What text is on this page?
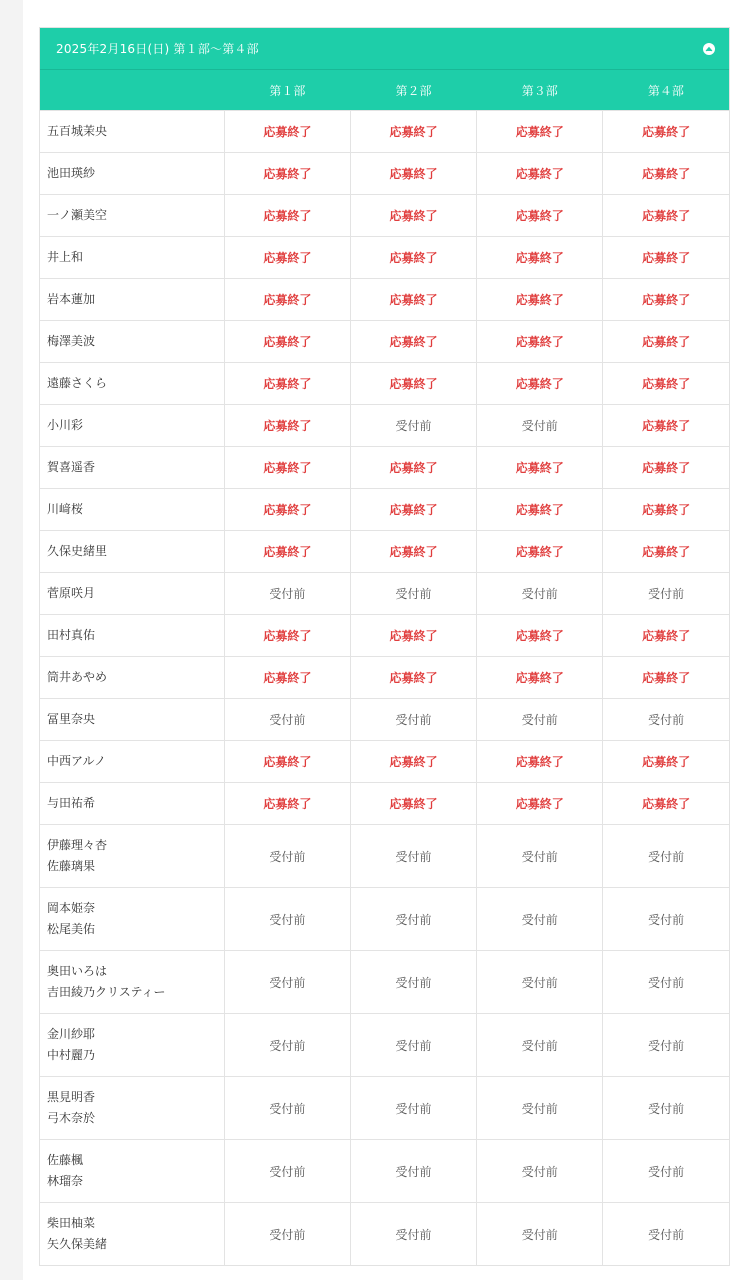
2025年2月16日(日) 第１部～第４部
	第１部	第２部	第３部	第４部

五百城茉央	応募終了	応募終了	応募終了	応募終了

池田瑛紗	応募終了	応募終了	応募終了	応募終了

一ノ瀬美空	応募終了	応募終了	応募終了	応募終了

井上和	応募終了	応募終了	応募終了	応募終了

岩本蓮加	応募終了	応募終了	応募終了	応募終了

梅澤美波	応募終了	応募終了	応募終了	応募終了

遠藤さくら	応募終了	応募終了	応募終了	応募終了

小川彩	応募終了	受付前	受付前	応募終了

賀喜遥香	応募終了	応募終了	応募終了	応募終了

川﨑桜	応募終了	応募終了	応募終了	応募終了

久保史緒里	応募終了	応募終了	応募終了	応募終了

菅原咲月	受付前	受付前	受付前	受付前

田村真佑	応募終了	応募終了	応募終了	応募終了

筒井あやめ	応募終了	応募終了	応募終了	応募終了

冨里奈央	受付前	受付前	受付前	受付前

中西アルノ	応募終了	応募終了	応募終了	応募終了

与田祐希	応募終了	応募終了	応募終了	応募終了

伊藤理々杏
佐藤璃果	受付前	受付前	受付前	受付前

岡本姫奈
松尾美佑	受付前	受付前	受付前	受付前

奥田いろは
吉田綾乃クリスティー	受付前	受付前	受付前	受付前

金川紗耶
中村麗乃	受付前	受付前	受付前	受付前

黒見明香
弓木奈於	受付前	受付前	受付前	受付前

佐藤楓
林瑠奈	受付前	受付前	受付前	受付前

柴田柚菜
矢久保美緒	受付前	受付前	受付前	受付前
